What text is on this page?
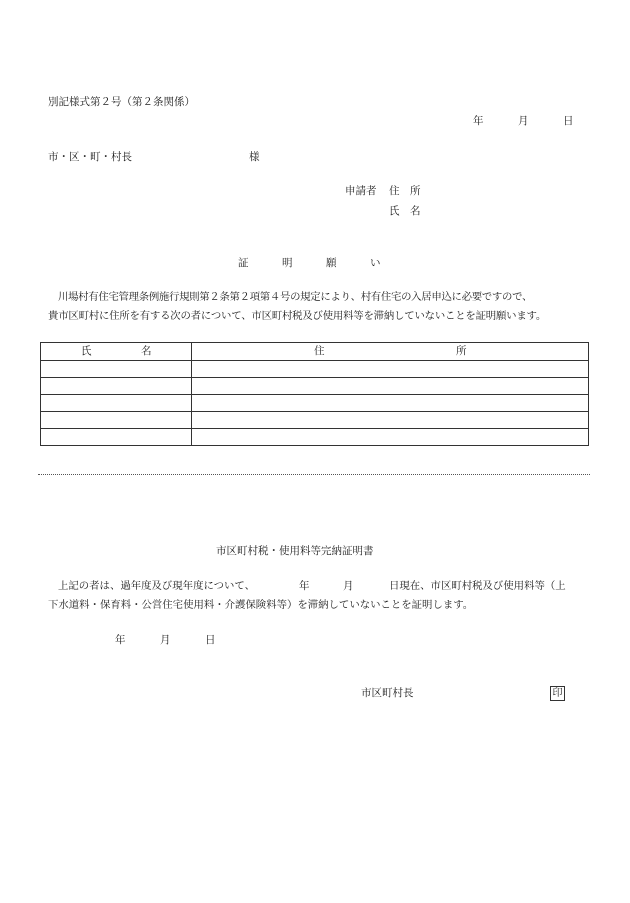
別記様式第２号（第２条関係）
年	月	日
市・区・町・村長	様
申請者 住　所
氏　名
証	明	願	い
川場村有住宅管理条例施行規則第２条第２項第４号の規定により、村有住宅の入居申込に必要ですので、
貴市区町村に住所を有する次の者について、市区町村税及び使用料等を滞納していないことを証明願います。
氏 名	住 所

市区町村税・使用料等完納証明書
上記の者は、過年度及び現年度について、	年	月	日現在、市区町村税及び使用料等（上
下水道料・保育料・公営住宅使用料・介護保険料等）を滞納していないことを証明します。
年	月	日
市区町村長	印
